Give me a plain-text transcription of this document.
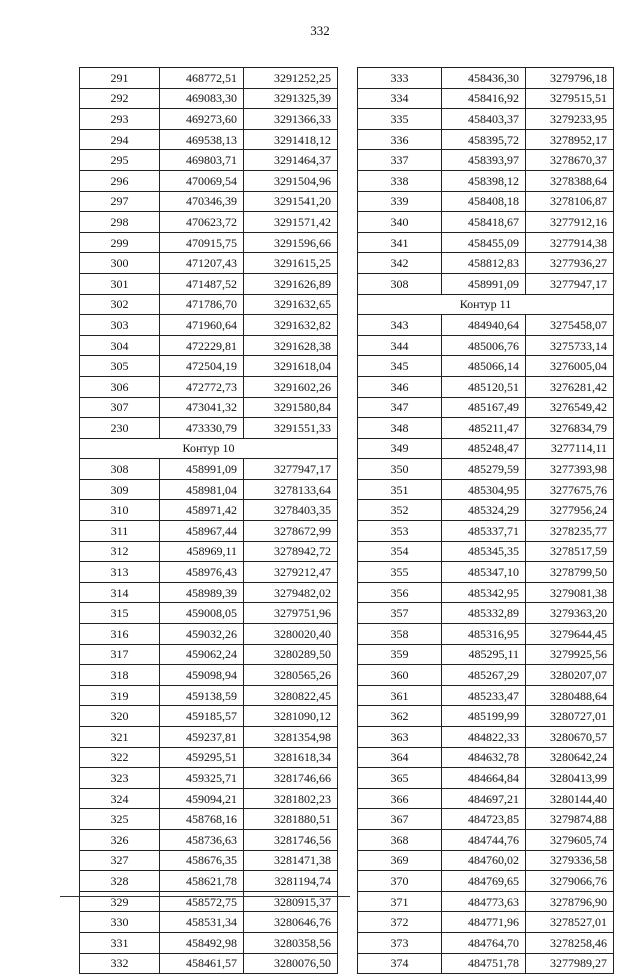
332
291	468772,51	3291252,25
292	469083,30	3291325,39
293	469273,60	3291366,33
294	469538,13	3291418,12
295	469803,71	3291464,37
296	470069,54	3291504,96
297	470346,39	3291541,20
298	470623,72	3291571,42
299	470915,75	3291596,66
300	471207,43	3291615,25
301	471487,52	3291626,89
302	471786,70	3291632,65
303	471960,64	3291632,82
304	472229,81	3291628,38
305	472504,19	3291618,04
306	472772,73	3291602,26
307	473041,32	3291580,84
230	473330,79	3291551,33
Контур 10		
308	458991,09	3277947,17
309	458981,04	3278133,64
310	458971,42	3278403,35
311	458967,44	3278672,99
312	458969,11	3278942,72
313	458976,43	3279212,47
314	458989,39	3279482,02
315	459008,05	3279751,96
316	459032,26	3280020,40
317	459062,24	3280289,50
318	459098,94	3280565,26
319	459138,59	3280822,45
320	459185,57	3281090,12
321	459237,81	3281354,98
322	459295,51	3281618,34
323	459325,71	3281746,66
324	459094,21	3281802,23
325	458768,16	3281880,51
326	458736,63	3281746,56
327	458676,35	3281471,38
328	458621,78	3281194,74
329	458572,75	3280915,37
330	458531,34	3280646,76
331	458492,98	3280358,56
332	458461,57	3280076,50
333	458436,30	3279796,18
334	458416,92	3279515,51
335	458403,37	3279233,95
336	458395,72	3278952,17
337	458393,97	3278670,37
338	458398,12	3278388,64
339	458408,18	3278106,87
340	458418,67	3277912,16
341	458455,09	3277914,38
342	458812,83	3277936,27
308	458991,09	3277947,17
Контур 11		
343	484940,64	3275458,07
344	485006,76	3275733,14
345	485066,14	3276005,04
346	485120,51	3276281,42
347	485167,49	3276549,42
348	485211,47	3276834,79
349	485248,47	3277114,11
350	485279,59	3277393,98
351	485304,95	3277675,76
352	485324,29	3277956,24
353	485337,71	3278235,77
354	485345,35	3278517,59
355	485347,10	3278799,50
356	485342,95	3279081,38
357	485332,89	3279363,20
358	485316,95	3279644,45
359	485295,11	3279925,56
360	485267,29	3280207,07
361	485233,47	3280488,64
362	485199,99	3280727,01
363	484822,33	3280670,57
364	484632,78	3280642,24
365	484664,84	3280413,99
366	484697,21	3280144,40
367	484723,85	3279874,88
368	484744,76	3279605,74
369	484760,02	3279336,58
370	484769,65	3279066,76
371	484773,63	3278796,90
372	484771,96	3278527,01
373	484764,70	3278258,46
374	484751,78	3277989,27
